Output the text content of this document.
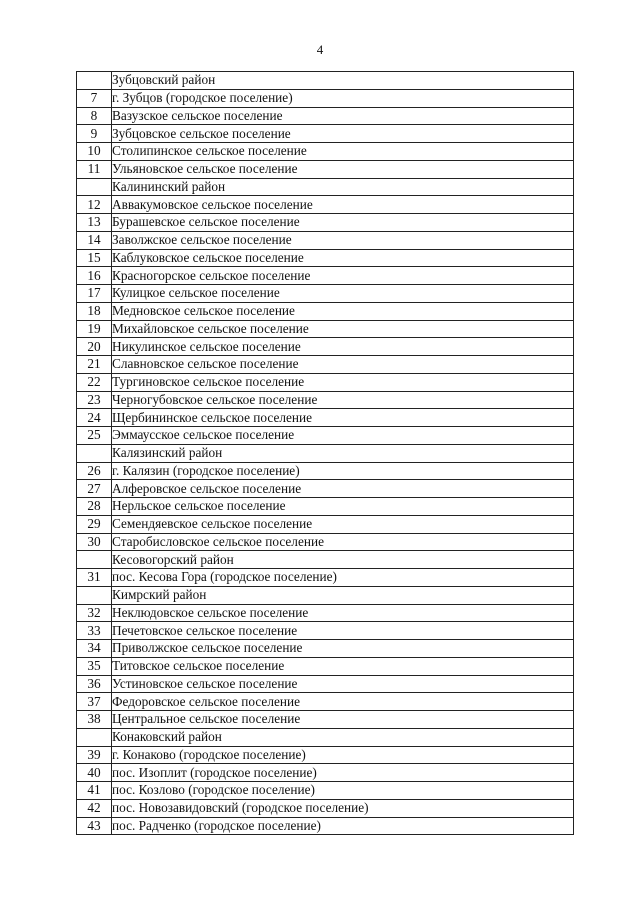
4
	Зубцовский район
7	г. Зубцов (городское поселение)
8	Вазузское сельское поселение
9	Зубцовское сельское поселение
10	Столипинское сельское поселение
11	Ульяновское сельское поселение
	Калининский район
12	Аввакумовское сельское поселение
13	Бурашевское сельское поселение
14	Заволжское сельское поселение
15	Каблуковское сельское поселение
16	Красногорское сельское поселение
17	Кулицкое сельское поселение
18	Медновское сельское поселение
19	Михайловское сельское поселение
20	Никулинское сельское поселение
21	Славновское сельское поселение
22	Тургиновское сельское поселение
23	Черногубовское сельское поселение
24	Щербининское сельское поселение
25	Эммаусское сельское поселение
	Калязинский район
26	г. Калязин (городское поселение)
27	Алферовское сельское поселение
28	Нерльское сельское поселение
29	Семендяевское сельское поселение
30	Старобисловское сельское поселение
	Кесовогорский район
31	пос. Кесова Гора (городское поселение)
	Кимрский район
32	Неклюдовское сельское поселение
33	Печетовское сельское поселение
34	Приволжское сельское поселение
35	Титовское сельское поселение
36	Устиновское сельское поселение
37	Федоровское сельское поселение
38	Центральное сельское поселение
	Конаковский район
39	г. Конаково (городское поселение)
40	пос. Изоплит (городское поселение)
41	пос. Козлово (городское поселение)
42	пос. Новозавидовский (городское поселение)
43	пос. Радченко (городское поселение)
